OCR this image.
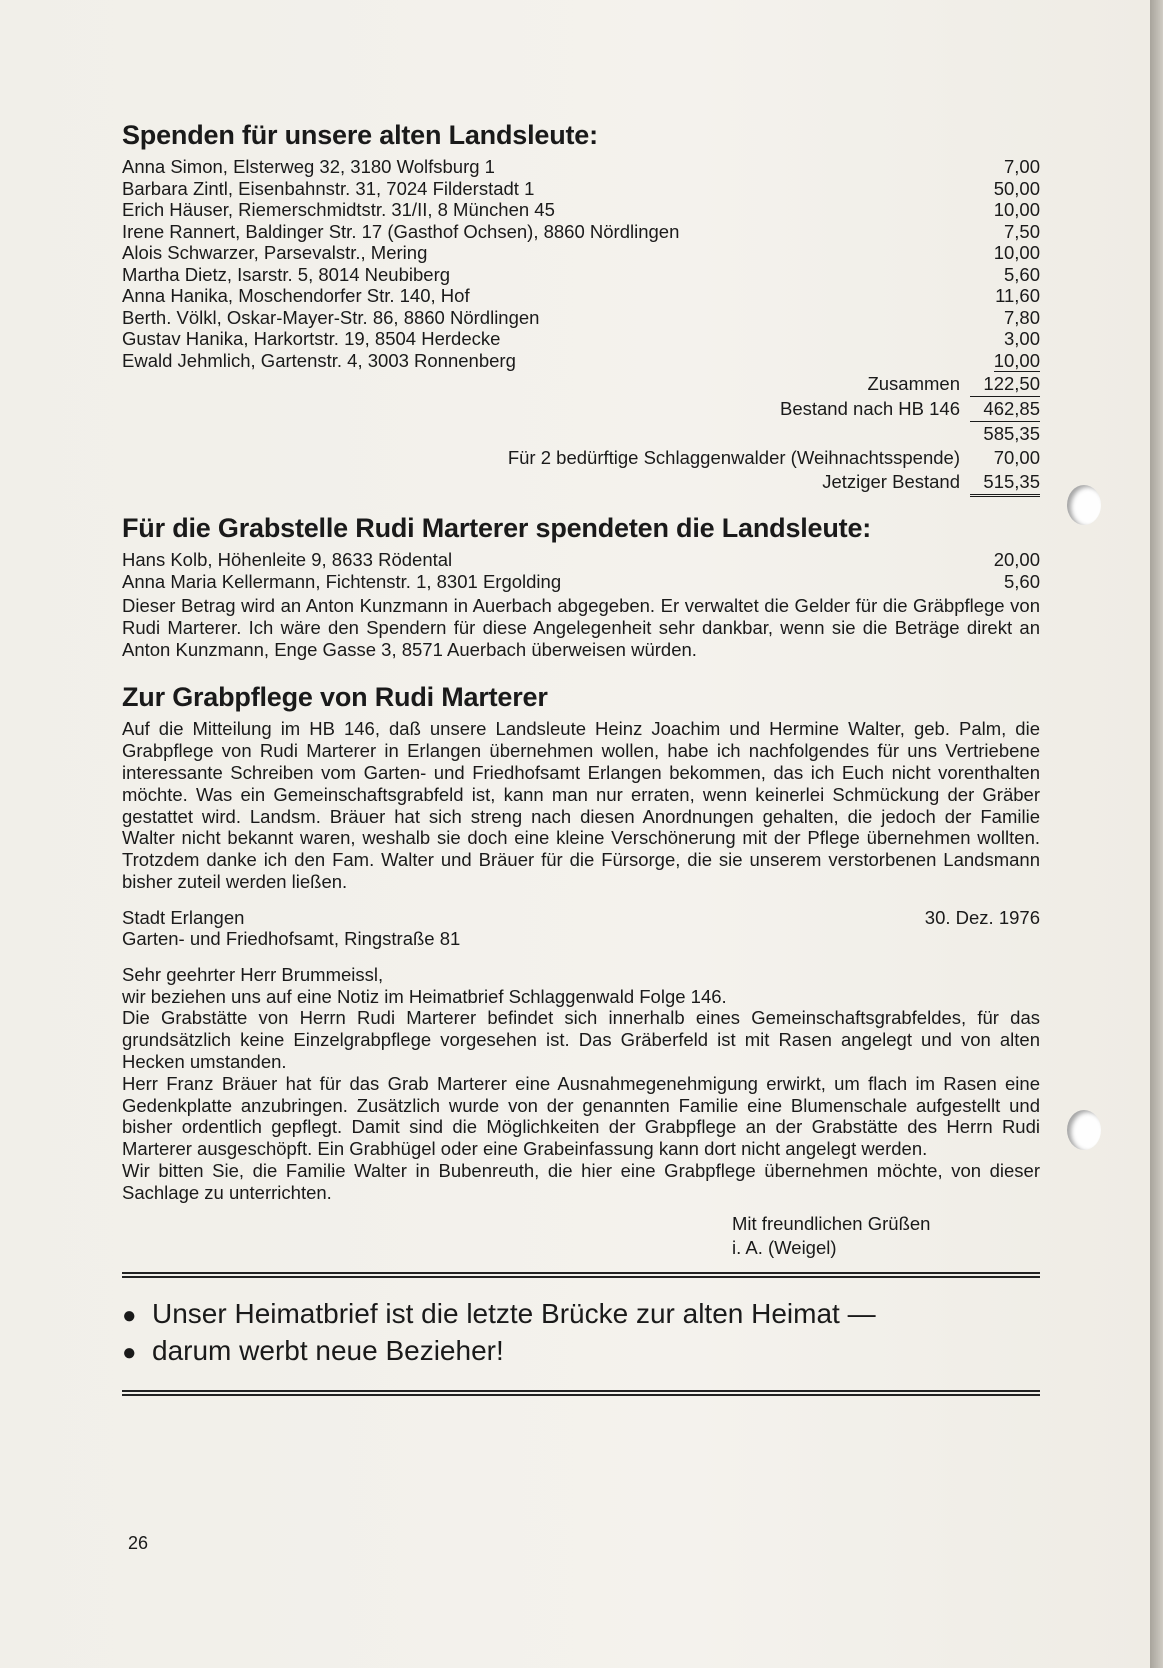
Spenden für unsere alten Landsleute:
Anna Simon, Elsterweg 32, 3180 Wolfsburg 1	7,00
Barbara Zintl, Eisenbahnstr. 31, 7024 Filderstadt 1	50,00
Erich Häuser, Riemerschmidtstr. 31/II, 8 München 45	10,00
Irene Rannert, Baldinger Str. 17 (Gasthof Ochsen), 8860 Nördlingen	7,50
Alois Schwarzer, Parsevalstr., Mering	10,00
Martha Dietz, Isarstr. 5, 8014 Neubiberg	5,60
Anna Hanika, Moschendorfer Str. 140, Hof	11,60
Berth. Völkl, Oskar-Mayer-Str. 86, 8860 Nördlingen	7,80
Gustav Hanika, Harkortstr. 19, 8504 Herdecke	3,00
Ewald Jehmlich, Gartenstr. 4, 3003 Ronnenberg	10,00
Zusammen	122,50
Bestand nach HB 146	462,85
585,35
Für 2 bedürftige Schlaggenwalder (Weihnachtsspende)	70,00
Jetziger Bestand	515,35
Für die Grabstelle Rudi Marterer spendeten die Landsleute:
Hans Kolb, Höhenleite 9, 8633 Rödental	20,00
Anna Maria Kellermann, Fichtenstr. 1, 8301 Ergolding	5,60

Dieser Betrag wird an Anton Kunzmann in Auerbach abgegeben. Er verwaltet die Gelder für die Gräbpflege von Rudi Marterer. Ich wäre den Spendern für diese Angelegenheit sehr dankbar, wenn sie die Beträge direkt an Anton Kunzmann, Enge Gasse 3, 8571 Auerbach überweisen würden.

Zur Grabpflege von Rudi Marterer

Auf die Mitteilung im HB 146, daß unsere Landsleute Heinz Joachim und Hermine Walter, geb. Palm, die Grabpflege von Rudi Marterer in Erlangen übernehmen wollen, habe ich nachfolgendes für uns Vertriebene interessante Schreiben vom Garten- und Friedhofsamt Erlangen bekommen, das ich Euch nicht vorenthalten möchte. Was ein Gemeinschaftsgrabfeld ist, kann man nur erraten, wenn keinerlei Schmückung der Gräber gestattet wird. Landsm. Bräuer hat sich streng nach diesen Anordnungen gehalten, die jedoch der Familie Walter nicht bekannt waren, weshalb sie doch eine kleine Verschönerung mit der Pflege übernehmen wollten. Trotzdem danke ich den Fam. Walter und Bräuer für die Fürsorge, die sie unserem verstorbenen Landsmann bisher zuteil werden ließen.

Stadt Erlangen	30. Dez. 1976
Garten- und Friedhofsamt, Ringstraße 81

Sehr geehrter Herr Brummeissl,

wir beziehen uns auf eine Notiz im Heimatbrief Schlaggenwald Folge 146.

Die Grabstätte von Herrn Rudi Marterer befindet sich innerhalb eines Gemeinschaftsgrabfeldes, für das grundsätzlich keine Einzelgrabpflege vorgesehen ist. Das Gräberfeld ist mit Rasen angelegt und von alten Hecken umstanden.

Herr Franz Bräuer hat für das Grab Marterer eine Ausnahmegenehmigung erwirkt, um flach im Rasen eine Gedenkplatte anzubringen. Zusätzlich wurde von der genannten Familie eine Blumenschale aufgestellt und bisher ordentlich gepflegt. Damit sind die Möglichkeiten der Grabpflege an der Grabstätte des Herrn Rudi Marterer ausgeschöpft. Ein Grabhügel oder eine Grabeinfassung kann dort nicht angelegt werden.

Wir bitten Sie, die Familie Walter in Bubenreuth, die hier eine Grabpflege übernehmen möchte, von dieser Sachlage zu unterrichten.

Mit freundlichen Grüßen
i. A. (Weigel)
● Unser Heimatbrief ist die letzte Brücke zur alten Heimat —
● darum werbt neue Bezieher!
26
